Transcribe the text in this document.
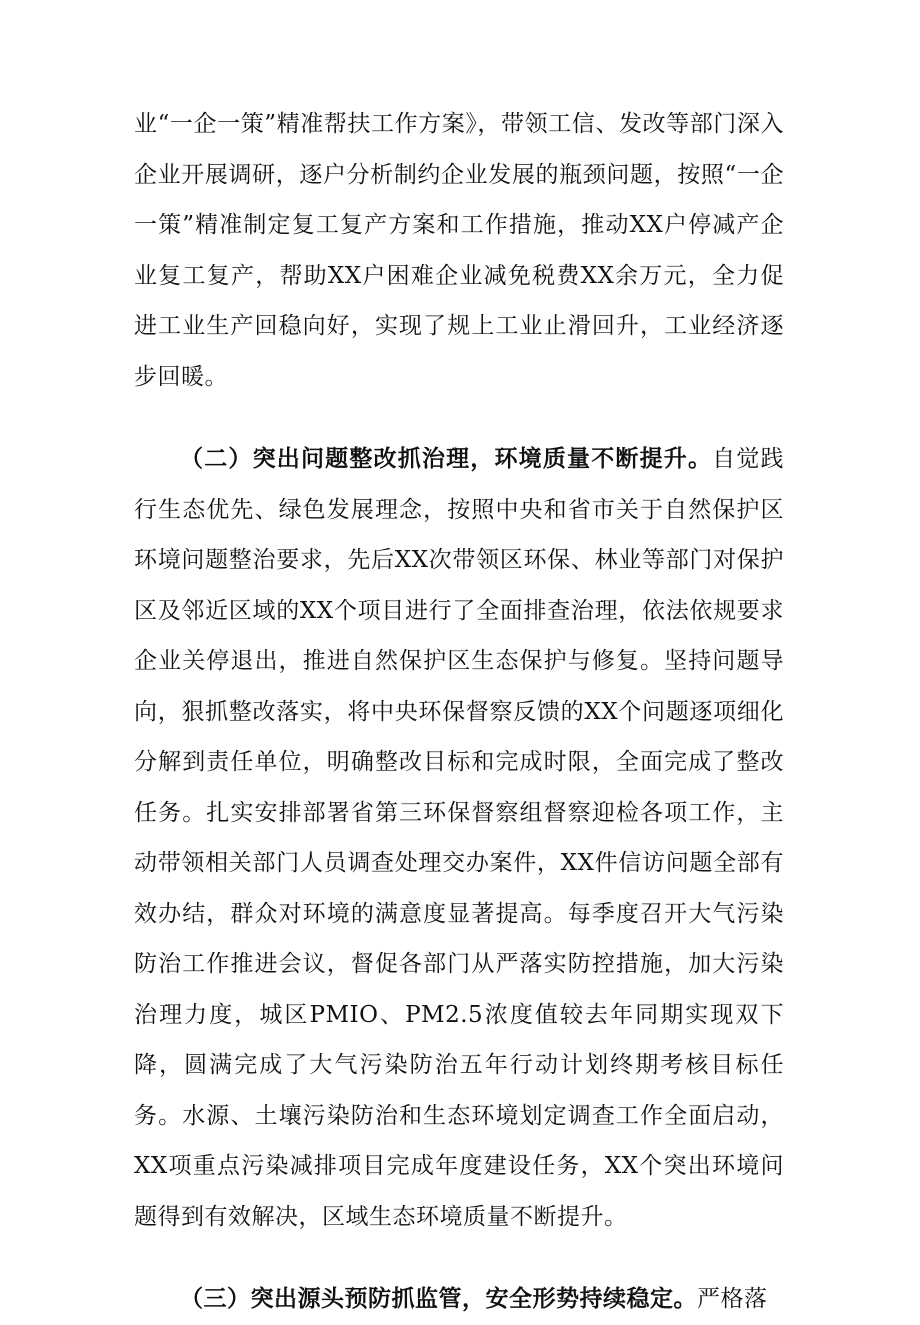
业“一企一策”精准帮扶工作方案》，带领工信、发改等部门深入企业开展调研，逐户分析制约企业发展的瓶颈问题，按照“一企一策”精准制定复工复产方案和工作措施，推动XX户停减产企业复工复产，帮助XX户困难企业减免税费XX余万元，全力促进工业生产回稳向好，实现了规上工业止滑回升，工业经济逐步回暖。

（二）突出问题整改抓治理，环境质量不断提升。自觉践行生态优先、绿色发展理念，按照中央和省市关于自然保护区环境问题整治要求，先后XX次带领区环保、林业等部门对保护区及邻近区域的XX个项目进行了全面排查治理，依法依规要求企业关停退出，推进自然保护区生态保护与修复。坚持问题导向，狠抓整改落实，将中央环保督察反馈的XX个问题逐项细化分解到责任单位，明确整改目标和完成时限，全面完成了整改任务。扎实安排部署省第三环保督察组督察迎检各项工作，主动带领相关部门人员调查处理交办案件，XX件信访问题全部有效办结，群众对环境的满意度显著提高。每季度召开大气污染防治工作推进会议，督促各部门从严落实防控措施，加大污染治理力度，城区PMIO、PM2.5浓度值较去年同期实现双下降，圆满完成了大气污染防治五年行动计划终期考核目标任务。水源、土壤污染防治和生态环境划定调查工作全面启动，XX项重点污染减排项目完成年度建设任务，XX个突出环境问题得到有效解决，区域生态环境质量不断提升。

（三）突出源头预防抓监管，安全形势持续稳定。严格落
